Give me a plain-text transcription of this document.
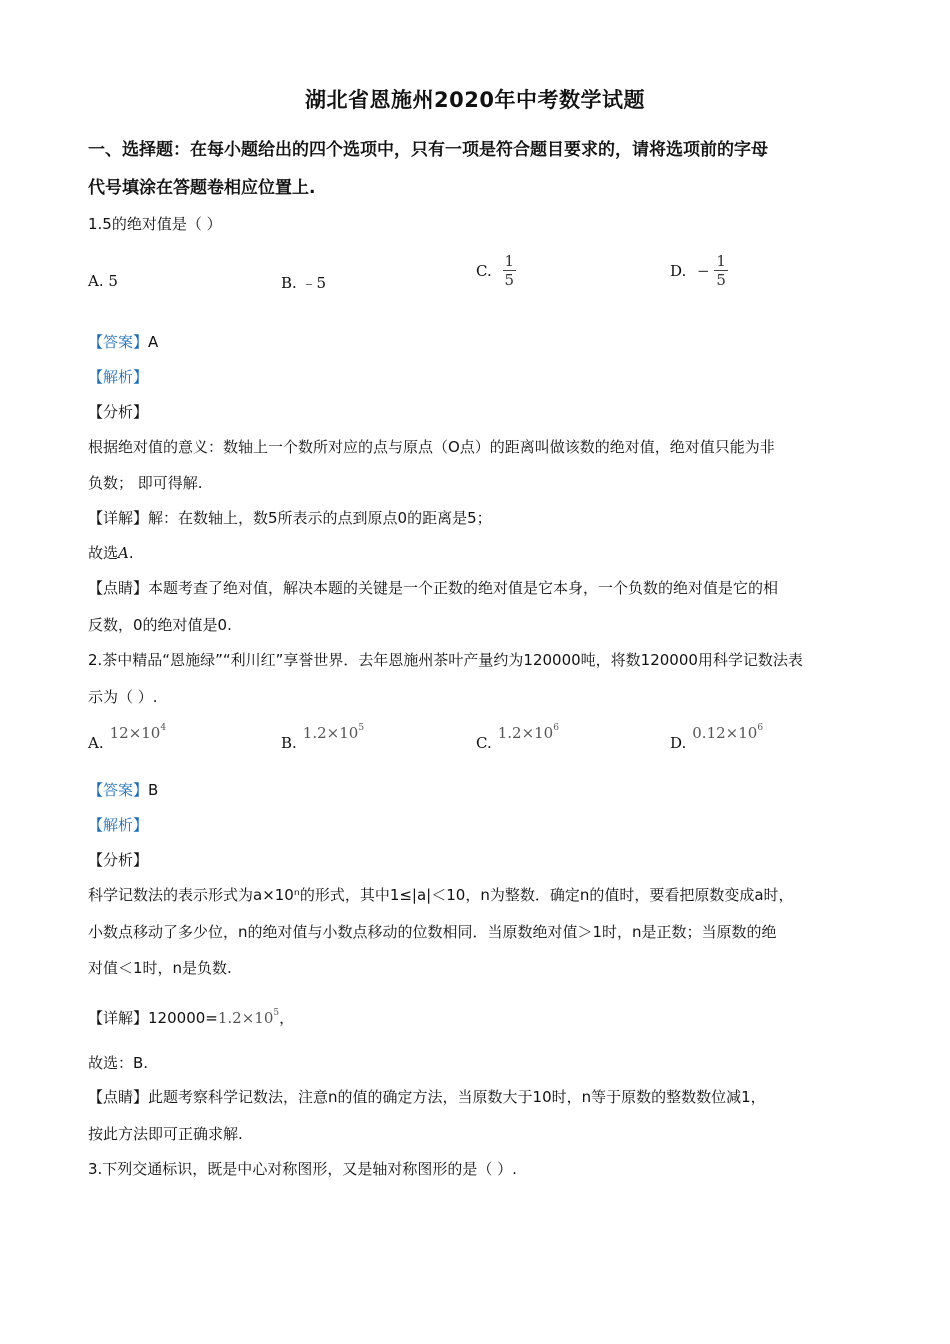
湖北省恩施州2020年中考数学试题
一、选择题：在每小题给出的四个选项中，只有一项是符合题目要求的，请将选项前的字母
代号填涂在答题卷相应位置上.
1.5的绝对值是（ ）
A. 5	B. ﹣5
C. $\frac{1}{5}$	D. − $\frac{1}{5}$
【答案】A
【解析】
【分析】
根据绝对值的意义：数轴上一个数所对应的点与原点（O点）的距离叫做该数的绝对值，绝对值只能为非
负数； 即可得解.
【详解】解：在数轴上，数5所表示的点到原点0的距离是5；
故选A.
【点睛】本题考查了绝对值，解决本题的关键是一个正数的绝对值是它本身，一个负数的绝对值是它的相
反数，0的绝对值是0.
2.茶中精品“恩施绿”“利川红”享誉世界．去年恩施州茶叶产量约为120000吨，将数120000用科学记数法表
示为（ ）.
$A.12\times 10^4$
$B.1.2\times 10^5$
$C.1.2\times 10^6$
$D.0.12\times 10^6$
【答案】B
【解析】
【分析】
科学记数法的表示形式为a×10ⁿ的形式，其中1≤|a|＜10，n为整数．确定n的值时，要看把原数变成a时，
小数点移动了多少位，n的绝对值与小数点移动的位数相同．当原数绝对值＞1时，n是正数；当原数的绝
对值＜1时，n是负数.
【详解】$120000=1.2\times 10^5$，
故选：B.
【点睛】此题考察科学记数法，注意n的值的确定方法，当原数大于10时，n等于原数的整数数位减1，
按此方法即可正确求解.
3.下列交通标识，既是中心对称图形，又是轴对称图形的是（ ）.
